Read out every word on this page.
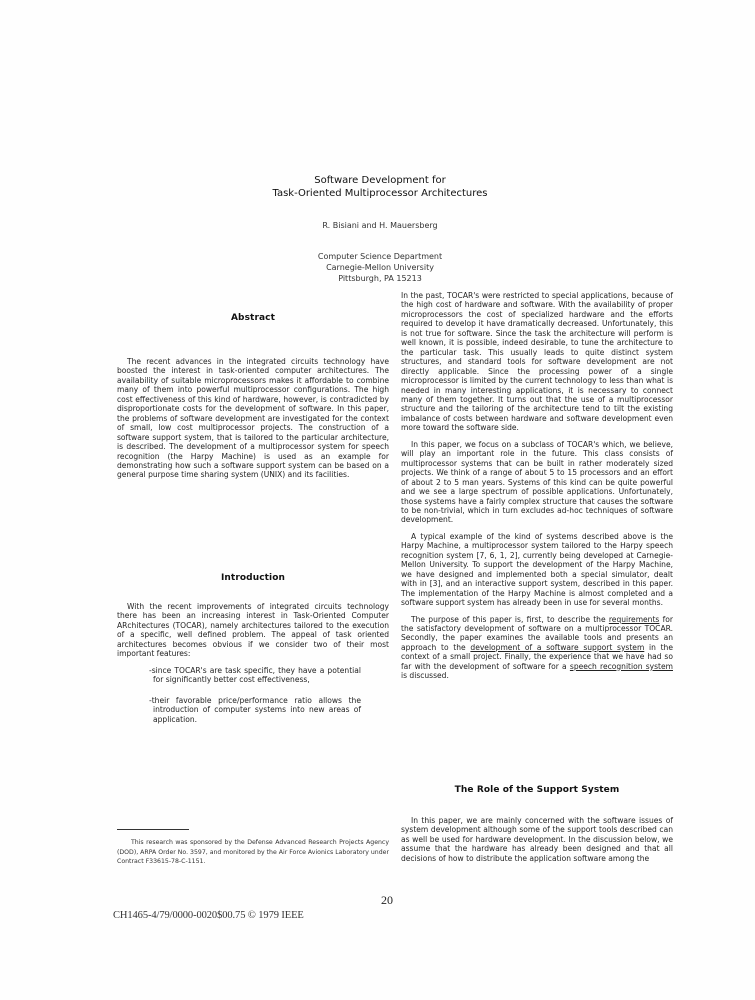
Software Development for
Task-Oriented Multiprocessor Architectures
R. Bisiani and H. Mauersberg
Computer Science Department
Carnegie-Mellon University
Pittsburgh, PA 15213
Abstract

The recent advances in the integrated circuits technology have boosted the interest in task-oriented computer architectures. The availability of suitable microprocessors makes it affordable to combine many of them into powerful multiprocessor configurations. The high cost effectiveness of this kind of hardware, however, is contradicted by disproportionate costs for the development of software. In this paper, the problems of software development are investigated for the context of small, low cost multiprocessor projects. The construction of a software support system, that is tailored to the particular architecture, is described. The development of a multiprocessor system for speech recognition (the Harpy Machine) is used as an example for demonstrating how such a software support system can be based on a general purpose time sharing system (UNIX) and its facilities.

Introduction

With the recent improvements of integrated circuits technology there has been an increasing interest in Task-Oriented Computer ARchitectures (TOCAR), namely architectures tailored to the execution of a specific, well defined problem. The appeal of task oriented architectures becomes obvious if we consider two of their most important features:

-since TOCAR's are task specific, they have a potential for significantly better cost effectiveness,
-their favorable price/performance ratio allows the introduction of computer systems into new areas of application.

This research was sponsored by the Defense Advanced Research Projects Agency (DOD), ARPA Order No. 3597, and monitored by the Air Force Avionics Laboratory under Contract F33615-78-C-1151.

In the past, TOCAR's were restricted to special applications, because of the high cost of hardware and software. With the availability of proper microprocessors the cost of specialized hardware and the efforts required to develop it have dramatically decreased. Unfortunately, this is not true for software. Since the task the architecture will perform is well known, it is possible, indeed desirable, to tune the architecture to the particular task. This usually leads to quite distinct system structures, and standard tools for software development are not directly applicable. Since the processing power of a single microprocessor is limited by the current technology to less than what is needed in many interesting applications, it is necessary to connect many of them together. It turns out that the use of a multiprocessor structure and the tailoring of the architecture tend to tilt the existing imbalance of costs between hardware and software development even more toward the software side.

In this paper, we focus on a subclass of TOCAR's which, we believe, will play an important role in the future. This class consists of multiprocessor systems that can be built in rather moderately sized projects. We think of a range of about 5 to 15 processors and an effort of about 2 to 5 man years. Systems of this kind can be quite powerful and we see a large spectrum of possible applications. Unfortunately, those systems have a fairly complex structure that causes the software to be non-trivial, which in turn excludes ad-hoc techniques of software development.

A typical example of the kind of systems described above is the Harpy Machine, a multiprocessor system tailored to the Harpy speech recognition system [7, 6, 1, 2], currently being developed at Carnegie-Mellon University. To support the development of the Harpy Machine, we have designed and implemented both a special simulator, dealt with in [3], and an interactive support system, described in this paper. The implementation of the Harpy Machine is almost completed and a software support system has already been in use for several months.

The purpose of this paper is, first, to describe the requirements for the satisfactory development of software on a multiprocessor TOCAR. Secondly, the paper examines the available tools and presents an approach to the development of a software support system in the context of a small project. Finally, the experience that we have had so far with the development of software for a speech recognition system is discussed.

The Role of the Support System

In this paper, we are mainly concerned with the software issues of system development although some of the support tools described can as well be used for hardware development. In the discussion below, we assume that the hardware has already been designed and that all decisions of how to distribute the application software among the

20
CH1465-4/79/0000-0020$00.75 © 1979 IEEE
